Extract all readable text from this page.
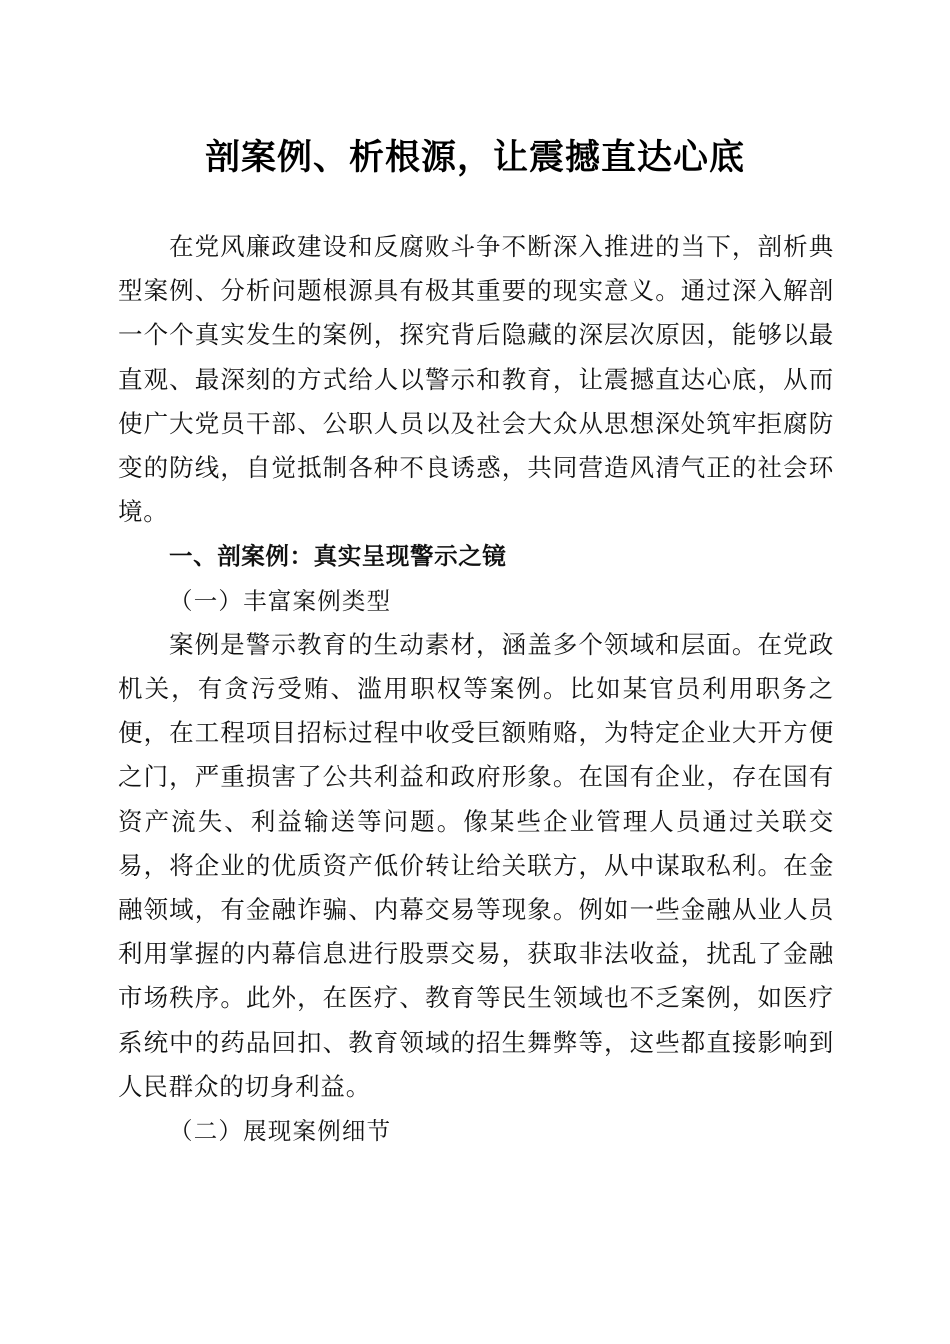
剖案例、析根源，让震撼直达心底

在党风廉政建设和反腐败斗争不断深入推进的当下，剖析典型案例、分析问题根源具有极其重要的现实意义。通过深入解剖一个个真实发生的案例，探究背后隐藏的深层次原因，能够以最直观、最深刻的方式给人以警示和教育，让震撼直达心底，从而使广大党员干部、公职人员以及社会大众从思想深处筑牢拒腐防变的防线，自觉抵制各种不良诱惑，共同营造风清气正的社会环境。

一、剖案例：真实呈现警示之镜

（一）丰富案例类型

案例是警示教育的生动素材，涵盖多个领域和层面。在党政机关，有贪污受贿、滥用职权等案例。比如某官员利用职务之便，在工程项目招标过程中收受巨额贿赂，为特定企业大开方便之门，严重损害了公共利益和政府形象。在国有企业，存在国有资产流失、利益输送等问题。像某些企业管理人员通过关联交易，将企业的优质资产低价转让给关联方，从中谋取私利。在金融领域，有金融诈骗、内幕交易等现象。例如一些金融从业人员利用掌握的内幕信息进行股票交易，获取非法收益，扰乱了金融市场秩序。此外，在医疗、教育等民生领域也不乏案例，如医疗系统中的药品回扣、教育领域的招生舞弊等，这些都直接影响到人民群众的切身利益。

（二）展现案例细节
